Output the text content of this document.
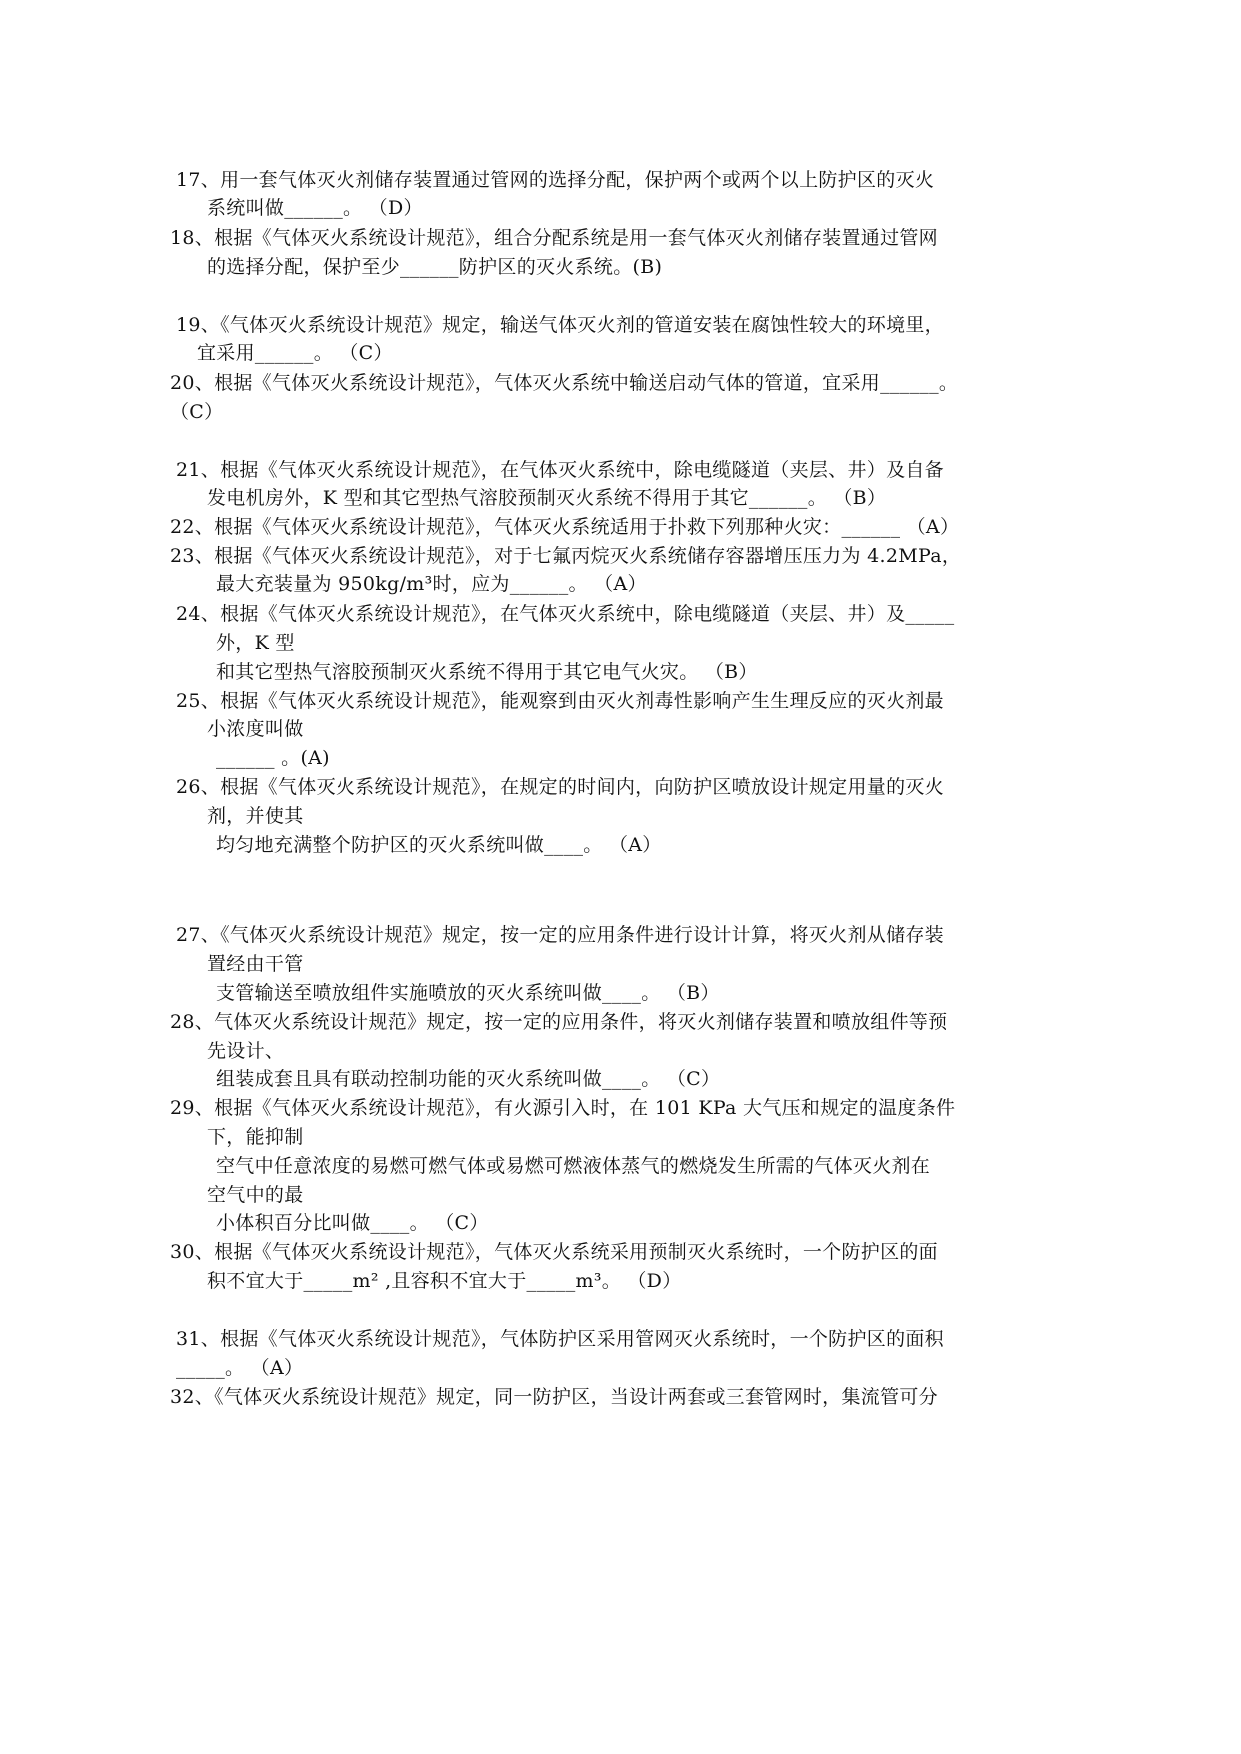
17、用一套气体灭火剂储存装置通过管网的选择分配，保护两个或两个以上防护区的灭火
系统叫做______。 （D）
18、根据《气体灭火系统设计规范》，组合分配系统是用一套气体灭火剂储存装置通过管网
的选择分配，保护至少______防护区的灭火系统。(B)
19、《气体灭火系统设计规范》规定，输送气体灭火剂的管道安装在腐蚀性较大的环境里，
宜采用______。 （C）
20、根据《气体灭火系统设计规范》，气体灭火系统中输送启动气体的管道，宜采用______。
（C）
21、根据《气体灭火系统设计规范》，在气体灭火系统中，除电缆隧道（夹层、井）及自备
发电机房外，K 型和其它型热气溶胶预制灭火系统不得用于其它______。 （B）
22、根据《气体灭火系统设计规范》，气体灭火系统适用于扑救下列那种火灾：______ （A）
23、根据《气体灭火系统设计规范》，对于七氟丙烷灭火系统储存容器增压压力为 4.2MPa，
最大充装量为 950kg/m³时，应为______。 （A）
24、根据《气体灭火系统设计规范》，在气体灭火系统中，除电缆隧道（夹层、井）及_____
外，K 型
和其它型热气溶胶预制灭火系统不得用于其它电气火灾。 （B）
25、根据《气体灭火系统设计规范》，能观察到由灭火剂毒性影响产生生理反应的灭火剂最
小浓度叫做
______ 。(A)
26、根据《气体灭火系统设计规范》，在规定的时间内，向防护区喷放设计规定用量的灭火
剂，并使其
均匀地充满整个防护区的灭火系统叫做____。 （A）
27、《气体灭火系统设计规范》规定，按一定的应用条件进行设计计算，将灭火剂从储存装
置经由干管
支管输送至喷放组件实施喷放的灭火系统叫做____。 （B）
28、气体灭火系统设计规范》规定，按一定的应用条件，将灭火剂储存装置和喷放组件等预
先设计、
组装成套且具有联动控制功能的灭火系统叫做____。 （C）
29、根据《气体灭火系统设计规范》，有火源引入时，在 101 KPa 大气压和规定的温度条件
下，能抑制
空气中任意浓度的易燃可燃气体或易燃可燃液体蒸气的燃烧发生所需的气体灭火剂在
空气中的最
小体积百分比叫做____。 （C）
30、根据《气体灭火系统设计规范》，气体灭火系统采用预制灭火系统时，一个防护区的面
积不宜大于_____m² ,且容积不宜大于_____m³。 （D）
31、根据《气体灭火系统设计规范》，气体防护区采用管网灭火系统时，一个防护区的面积
_____。 （A）
32、《气体灭火系统设计规范》规定，同一防护区，当设计两套或三套管网时，集流管可分
